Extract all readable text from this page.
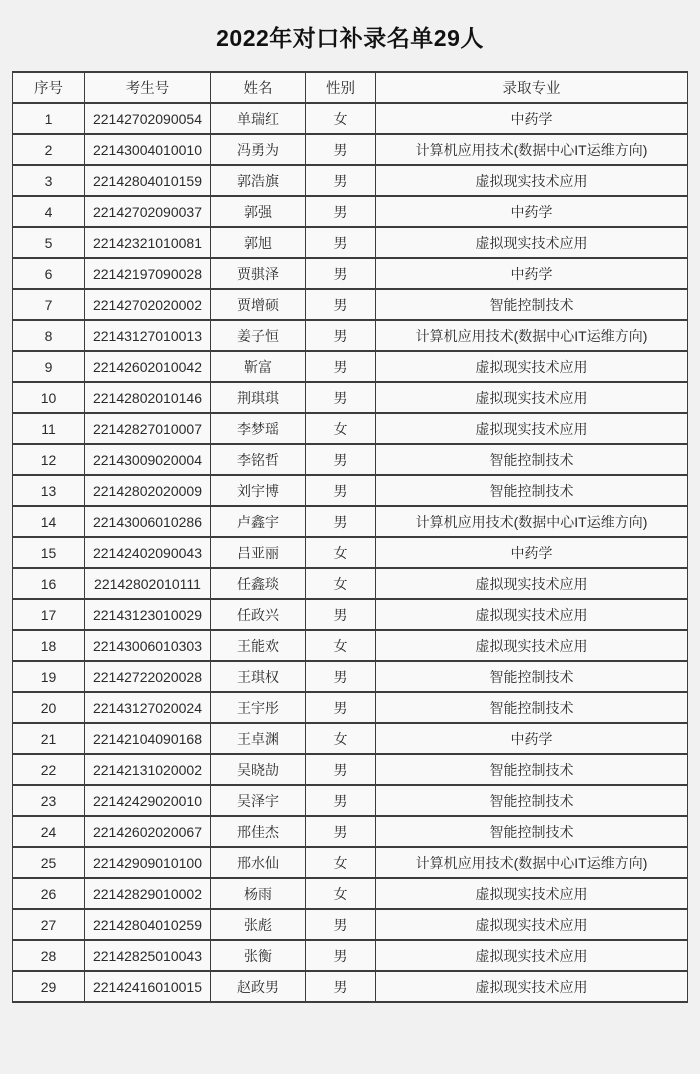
2022年对口补录名单29人
序号	考生号	姓名	性别	录取专业
1	22142702090054	单瑞红	女	中药学
2	22143004010010	冯勇为	男	计算机应用技术(数据中心IT运维方向)
3	22142804010159	郭浩旗	男	虚拟现实技术应用
4	22142702090037	郭强	男	中药学
5	22142321010081	郭旭	男	虚拟现实技术应用
6	22142197090028	贾骐泽	男	中药学
7	22142702020002	贾增硕	男	智能控制技术
8	22143127010013	姜子恒	男	计算机应用技术(数据中心IT运维方向)
9	22142602010042	靳富	男	虚拟现实技术应用
10	22142802010146	荆琪琪	男	虚拟现实技术应用
11	22142827010007	李梦瑶	女	虚拟现实技术应用
12	22143009020004	李铭哲	男	智能控制技术
13	22142802020009	刘宇博	男	智能控制技术
14	22143006010286	卢鑫宇	男	计算机应用技术(数据中心IT运维方向)
15	22142402090043	吕亚丽	女	中药学
16	22142802010111	任鑫琰	女	虚拟现实技术应用
17	22143123010029	任政兴	男	虚拟现实技术应用
18	22143006010303	王能欢	女	虚拟现实技术应用
19	22142722020028	王琪权	男	智能控制技术
20	22143127020024	王宇彤	男	智能控制技术
21	22142104090168	王卓渊	女	中药学
22	22142131020002	吴晓劼	男	智能控制技术
23	22142429020010	吴泽宇	男	智能控制技术
24	22142602020067	邢佳杰	男	智能控制技术
25	22142909010100	邢水仙	女	计算机应用技术(数据中心IT运维方向)
26	22142829010002	杨雨	女	虚拟现实技术应用
27	22142804010259	张彪	男	虚拟现实技术应用
28	22142825010043	张衡	男	虚拟现实技术应用
29	22142416010015	赵政男	男	虚拟现实技术应用
